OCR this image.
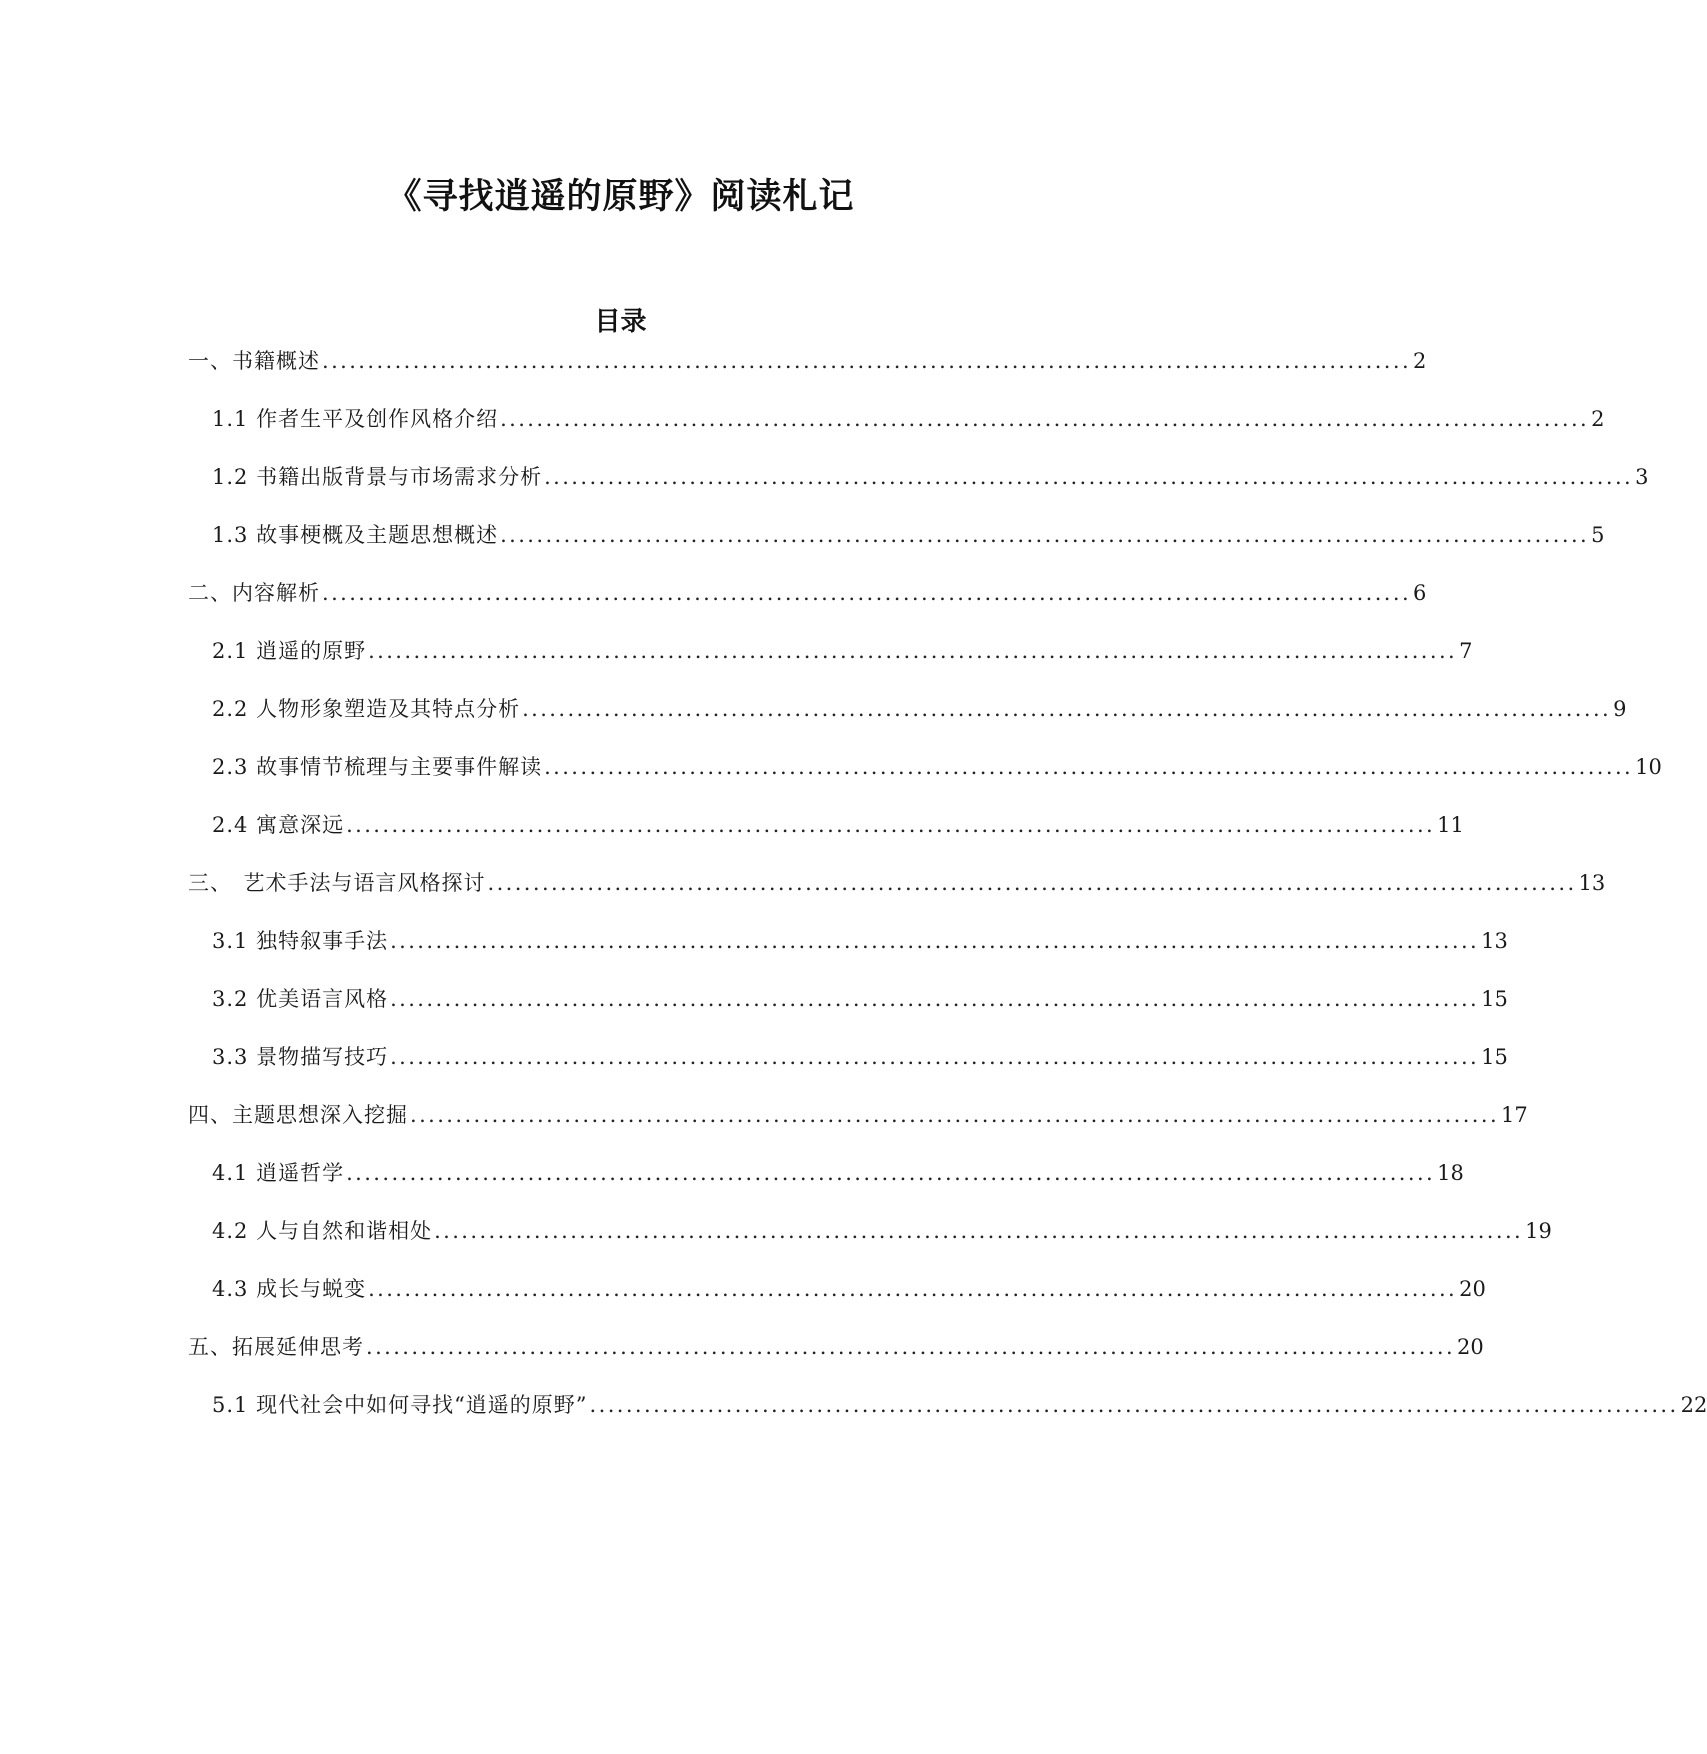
《寻找逍遥的原野》阅读札记
目录
一、书籍概述 ........................................................................................................................ 2
1.1 作者生平及创作风格介绍 ........................................................................................................................ 2
1.2 书籍出版背景与市场需求分析 ........................................................................................................................ 3
1.3 故事梗概及主题思想概述 ........................................................................................................................ 5
二、内容解析 ........................................................................................................................ 6
2.1 逍遥的原野 ........................................................................................................................ 7
2.2 人物形象塑造及其特点分析 ........................................................................................................................ 9
2.3 故事情节梳理与主要事件解读 ........................................................................................................................ 10
2.4 寓意深远 ........................................................................................................................ 11
三、　艺术手法与语言风格探讨 ........................................................................................................................ 13
3.1 独特叙事手法 ........................................................................................................................ 13
3.2 优美语言风格 ........................................................................................................................ 15
3.3 景物描写技巧 ........................................................................................................................ 15
四、主题思想深入挖掘 ........................................................................................................................ 17
4.1 逍遥哲学 ........................................................................................................................ 18
4.2 人与自然和谐相处 ........................................................................................................................ 19
4.3 成长与蜕变 ........................................................................................................................ 20
五、拓展延伸思考 ........................................................................................................................ 20
5.1 现代社会中如何寻找“逍遥的原野” ........................................................................................................................ 22
